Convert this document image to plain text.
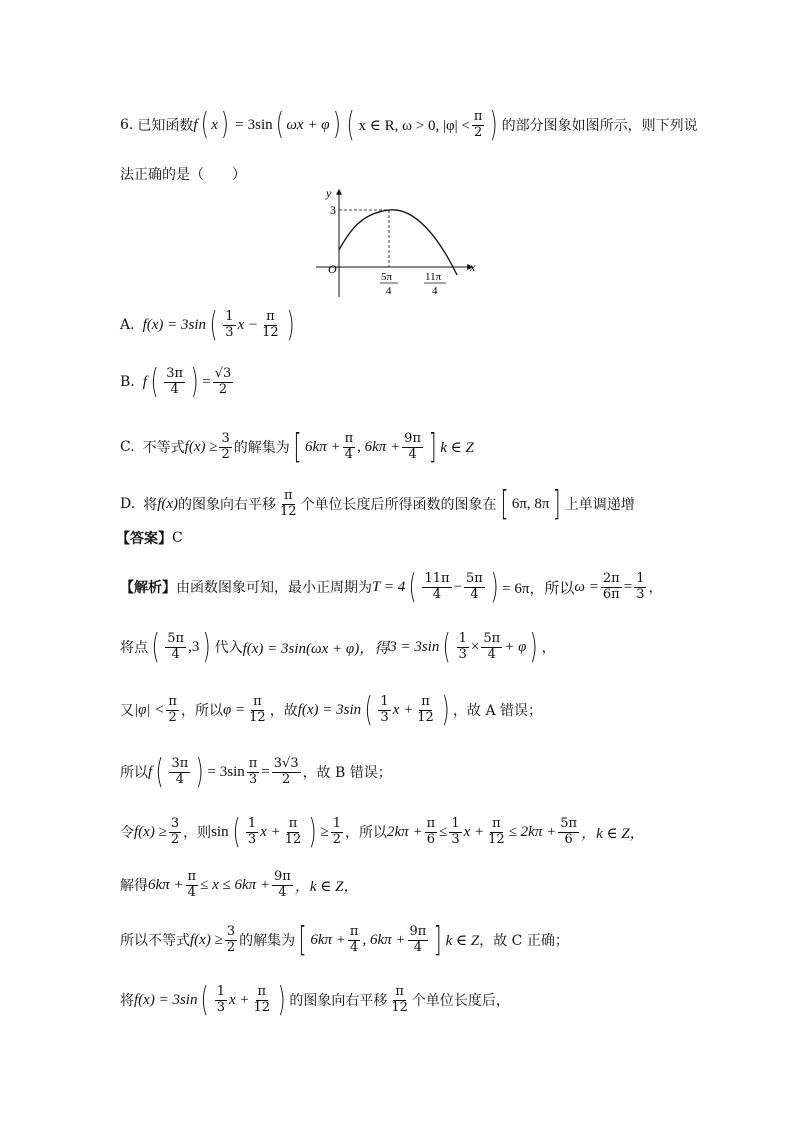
6. 已知函数 f ( x ) = 3sin ( ωx + φ ) ( x ∈ R, ω > 0, $|\varphi| < \frac{\pi}{2}$ ) 的部分图象如图所示，则下列说
法正确的是（　　）
y
x
O
3
5π
4
11π
4
A. f(x) = 3sin ( $\frac{1}{3}$ $x - \frac{\pi}{12}$ )
B. f ( $\frac{3\pi}{4}$ ) = $\frac{√3}{2}$
C. 不等式 $f(x) \ge \frac{3}{2}$ 的解集为 [ $6k\pi + \frac{\pi}{4}$ , $6k\pi + \frac{9\pi}{4}$ ] k ∈ Z
D. 将 f(x) 的图象向右平移 $\frac{\pi}{12}$ 个单位长度后所得函数的图象在 [ 6π, 8π ] 上单调递增
【答案】 C
【解析】 由函数图象可知，最小正周期为 T = 4 ( $\frac{11\pi}{4} - \frac{5\pi}{4}$ ) = 6π，所以 $\omega = \frac{2\pi}{6\pi} = \frac{1}{3}$ ，
将点 ( $\frac{5\pi}{4} ,3$ ) 代入 f(x) = 3sin(ωx + φ)，得 3 = 3sin ( $\frac{1}{3} \times \frac{5\pi}{4} + \varphi$ ) ，
又 $|\varphi| < \frac{\pi}{2}$ ，所以 $\varphi = \frac{\pi}{12}$ ，故 f(x) = 3sin ( $\frac{1}{3}$ $x + \frac{\pi}{12}$ ) ，故 A 错误；
所以 f ( $\frac{3\pi}{4}$ ) = $3\sin \frac{\pi}{3} = \frac{3√3}{2}$ ，故 B 错误；
令 $f(x) \ge \frac{3}{2}$ ，则 sin ( $\frac{1}{3}$ $x + \frac{\pi}{12}$ ) ≥ $\frac{1}{2}$ ，所以 $2k\pi + \frac{\pi}{6} \le \frac{1}{3}$ $x + \frac{\pi}{12} \le 2k\pi + \frac{5\pi}{6}$ ，k ∈ Z，
解得 $6k\pi + \frac{\pi}{4} \le x \le 6k\pi + \frac{9\pi}{4}$ ，k ∈ Z，
所以不等式 $f(x) \ge \frac{3}{2}$ 的解集为 [ $6k\pi + \frac{\pi}{4}$ , $6k\pi + \frac{9\pi}{4}$ ] k ∈ Z ，故 C 正确；
将 f(x) = 3sin ( $\frac{1}{3}$ $x + \frac{\pi}{12}$ ) 的图象向右平移 $\frac{\pi}{12}$ 个单位长度后，
